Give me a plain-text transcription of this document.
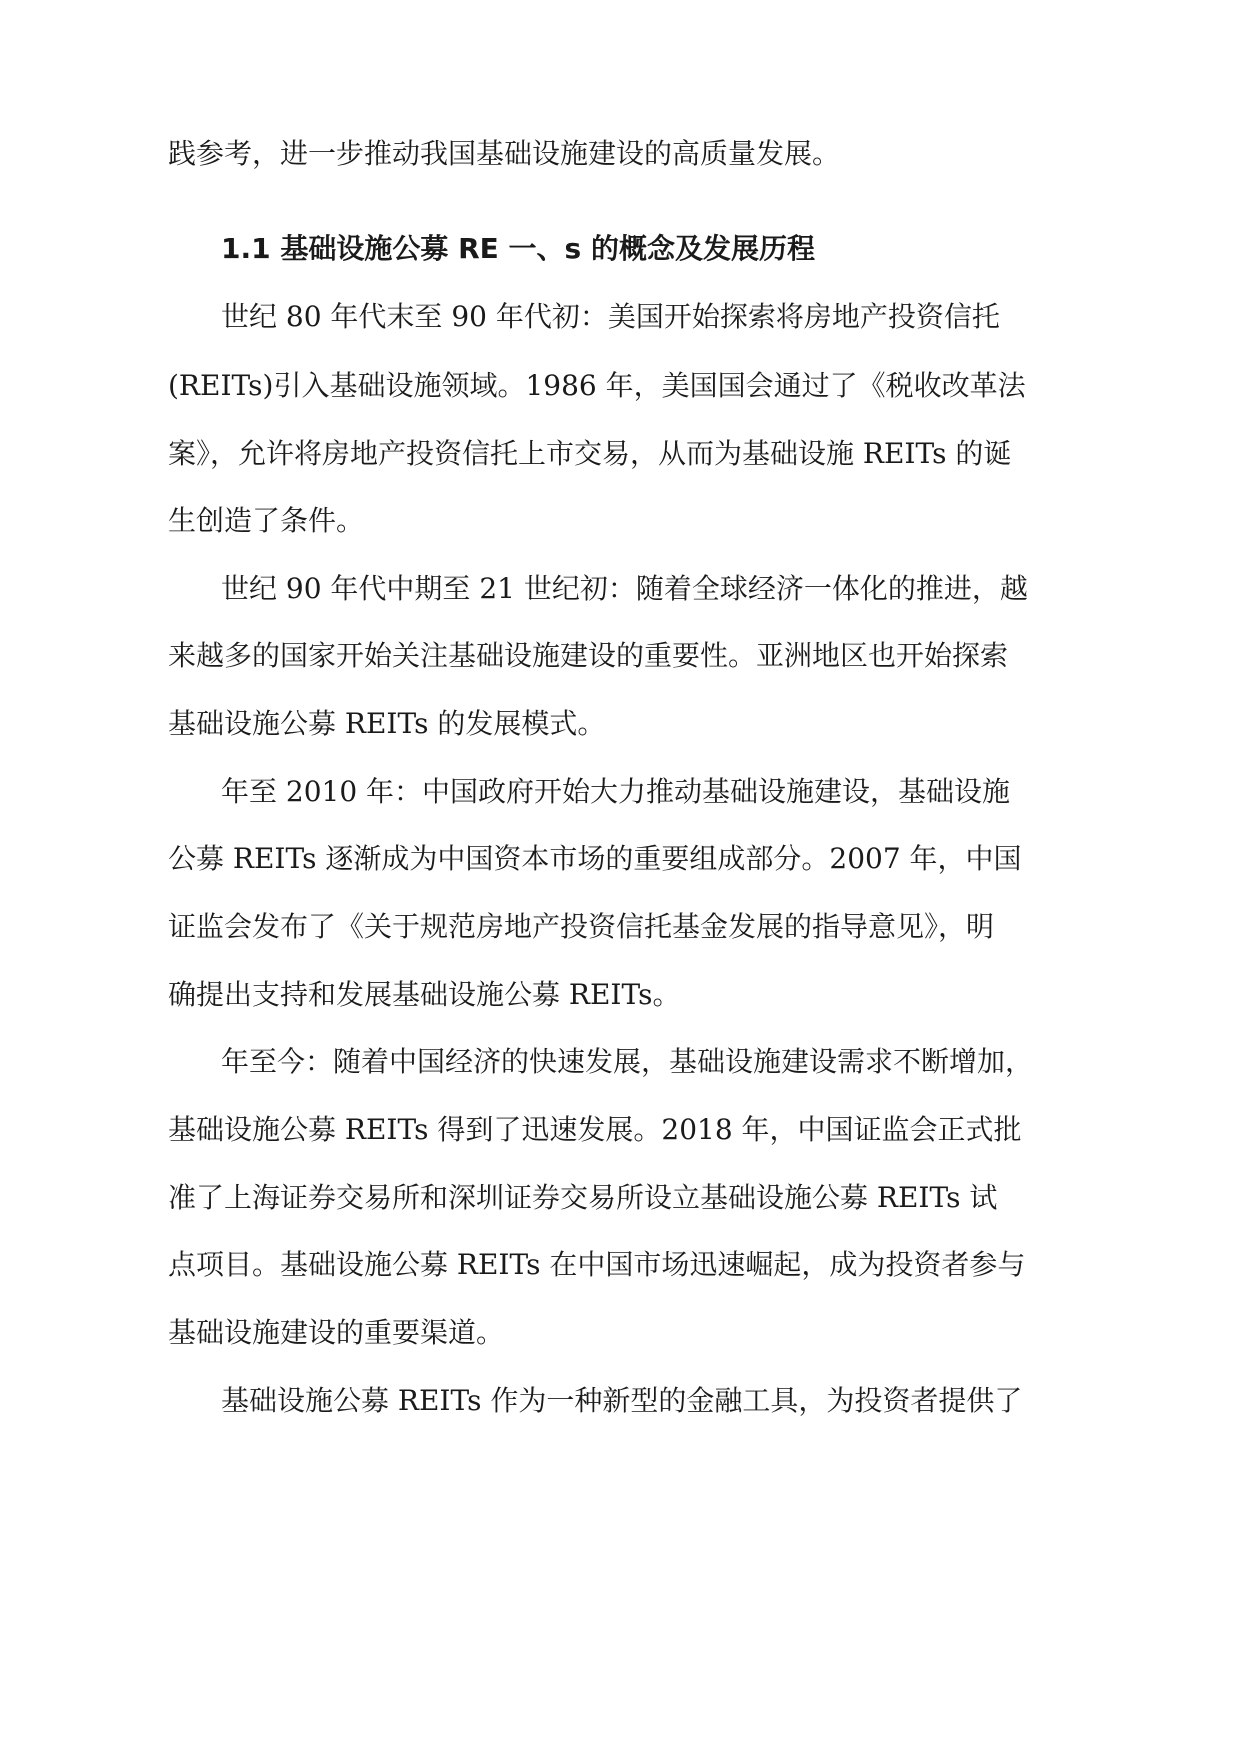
践参考，进一步推动我国基础设施建设的高质量发展。

1.1 基础设施公募 RE 一、s 的概念及发展历程

世纪 80 年代末至 90 年代初：美国开始探索将房地产投资信托

(REITs)引入基础设施领域。1986 年，美国国会通过了《税收改革法

案》，允许将房地产投资信托上市交易，从而为基础设施 REITs 的诞

生创造了条件。

世纪 90 年代中期至 21 世纪初：随着全球经济一体化的推进，越

来越多的国家开始关注基础设施建设的重要性。亚洲地区也开始探索

基础设施公募 REITs 的发展模式。

年至 2010 年：中国政府开始大力推动基础设施建设，基础设施

公募 REITs 逐渐成为中国资本市场的重要组成部分。2007 年，中国

证监会发布了《关于规范房地产投资信托基金发展的指导意见》，明

确提出支持和发展基础设施公募 REITs。

年至今：随着中国经济的快速发展，基础设施建设需求不断增加，

基础设施公募 REITs 得到了迅速发展。2018 年，中国证监会正式批

准了上海证券交易所和深圳证券交易所设立基础设施公募 REITs 试

点项目。基础设施公募 REITs 在中国市场迅速崛起，成为投资者参与

基础设施建设的重要渠道。

基础设施公募 REITs 作为一种新型的金融工具，为投资者提供了
